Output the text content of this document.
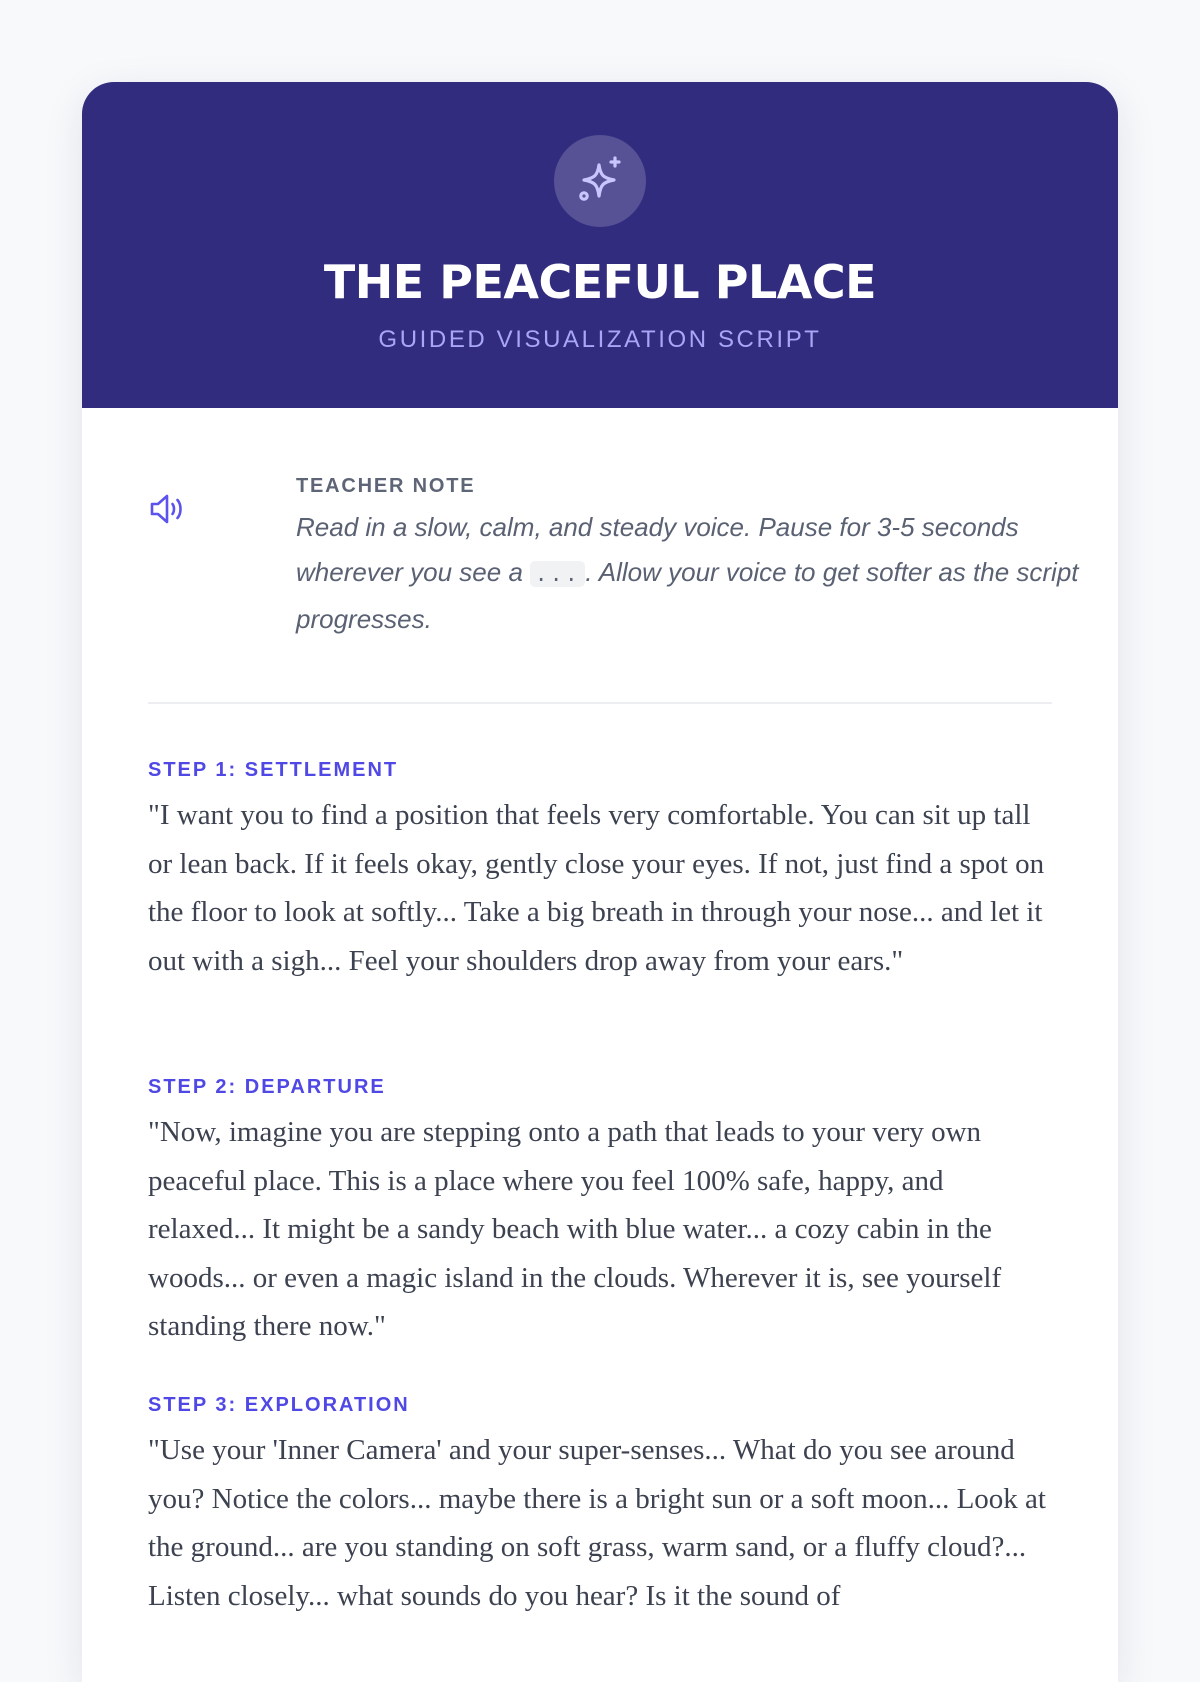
THE PEACEFUL PLACE
GUIDED VISUALIZATION SCRIPT
TEACHER NOTE

Read in a slow, calm, and steady voice. Pause for 3-5 seconds wherever you see a ... . Allow your voice to get softer as the script progresses.

STEP 1: SETTLEMENT

"I want you to find a position that feels very comfortable. You can sit up tall or lean back. If it feels okay, gently close your eyes. If not, just find a spot on the floor to look at softly... Take a big breath in through your nose... and let it out with a sigh... Feel your shoulders drop away from your ears."

STEP 2: DEPARTURE

"Now, imagine you are stepping onto a path that leads to your very own peaceful place. This is a place where you feel 100% safe, happy, and relaxed... It might be a sandy beach with blue water... a cozy cabin in the woods... or even a magic island in the clouds. Wherever it is, see yourself standing there now."

STEP 3: EXPLORATION

"Use your 'Inner Camera' and your super-senses... What do you see around you? Notice the colors... maybe there is a bright sun or a soft moon... Look at the ground... are you standing on soft grass, warm sand, or a fluffy cloud?... Listen closely... what sounds do you hear? Is it the sound of
